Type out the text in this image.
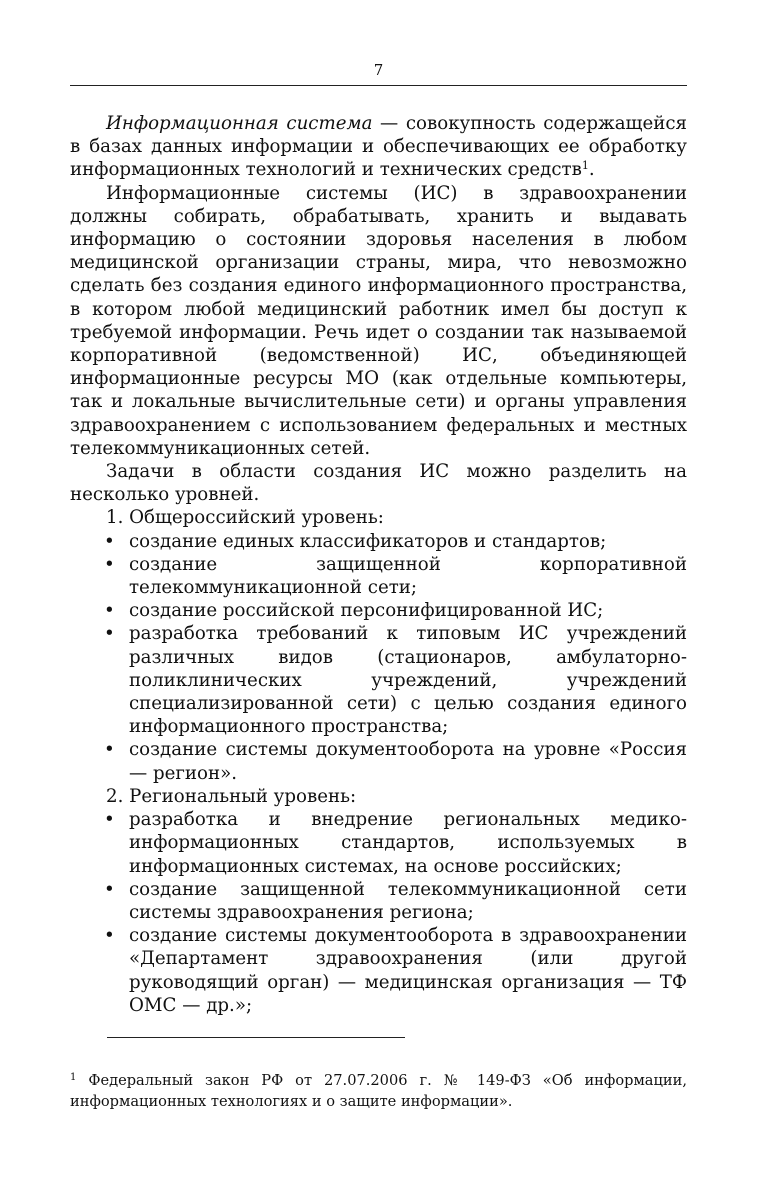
7

Информационная система — совокупность содержащейся в базах данных информации и обеспечивающих ее обработку информационных технологий и технических средств$^1$.

Информационные системы (ИС) в здравоохранении должны собирать, обрабатывать, хранить и выдавать информацию о состоянии здоровья населения в любом медицинской организации страны, мира, что невозможно сделать без создания единого информационного пространства, в котором любой медицинский работник имел бы доступ к требуемой информации. Речь идет о создании так называемой корпоративной (ведомственной) ИС, объединяющей информационные ресурсы МО (как отдельные компьютеры, так и локальные вычислительные сети) и органы управления здравоохранением с использованием федеральных и местных телекоммуникационных сетей.

Задачи в области создания ИС можно разделить на несколько уровней.

1. Общероссийский уровень:

• создание единых классификаторов и стандартов;
• создание защищенной корпоративной телекоммуникационной сети;
• создание российской персонифицированной ИС;
• разработка требований к типовым ИС учреждений различных видов (стационаров, амбулаторно-поликлинических учреждений, учреждений специализированной сети) с целью создания единого информационного пространства;
• создание системы документооборота на уровне «Россия — регион».

2. Региональный уровень:

• разработка и внедрение региональных медико-информационных стандартов, используемых в информационных системах, на основе российских;
• создание защищенной телекоммуникационной сети системы здравоохранения региона;
• создание системы документооборота в здравоохранении «Департамент здравоохранения (или другой руководящий орган) — медицинская организация — ТФ ОМС — др.»;
$^1$ Федеральный закон РФ от 27.07.2006 г. № 149-ФЗ «Об информации, информационных технологиях и о защите информации».
